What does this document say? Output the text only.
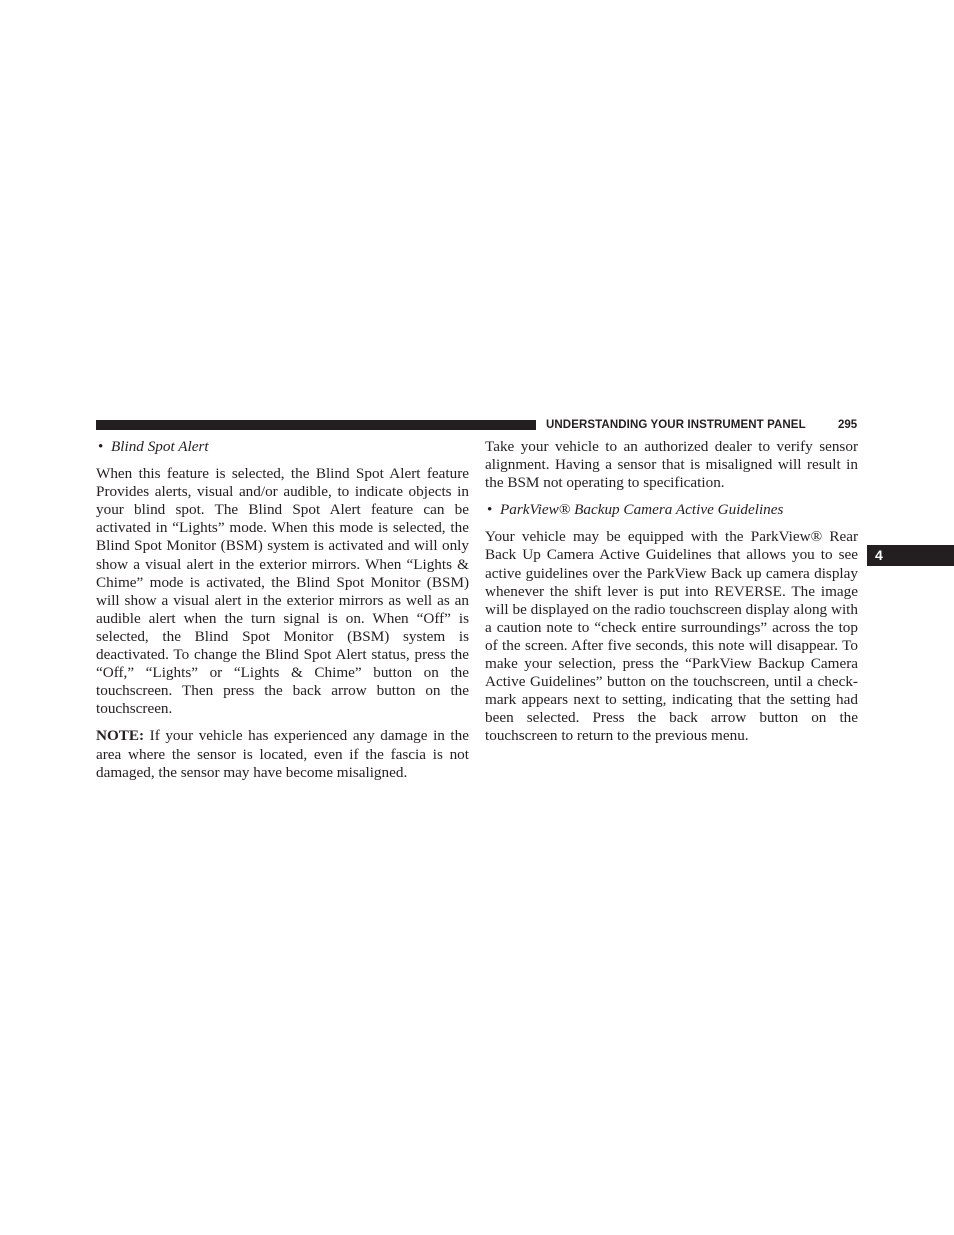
UNDERSTANDING YOUR INSTRUMENT PANEL	295
4

• Blind Spot Alert

When this feature is selected, the Blind Spot Alert feature Provides alerts, visual and/or audible, to indicate objects in your blind spot. The Blind Spot Alert feature can be activated in “Lights” mode. When this mode is selected, the Blind Spot Monitor (BSM) system is activated and will only show a visual alert in the exterior mirrors. When “Lights & Chime” mode is activated, the Blind Spot Monitor (BSM) will show a visual alert in the exterior mirrors as well as an audible alert when the turn signal is on. When “Off” is selected, the Blind Spot Monitor (BSM) system is deactivated. To change the Blind Spot Alert status, press the “Off,” “Lights” or “Lights & Chime” button on the touchscreen. Then press the back arrow button on the touchscreen.

NOTE: If your vehicle has experienced any damage in the area where the sensor is located, even if the fascia is not damaged, the sensor may have become misaligned.

Take your vehicle to an authorized dealer to verify sensor alignment. Having a sensor that is misaligned will result in the BSM not operating to specification.

• ParkView® Backup Camera Active Guidelines

Your vehicle may be equipped with the ParkView® Rear Back Up Camera Active Guidelines that allows you to see active guidelines over the ParkView Back up camera display whenever the shift lever is put into REVERSE. The image will be displayed on the radio touchscreen display along with a caution note to “check entire surroundings” across the top of the screen. After five seconds, this note will disappear. To make your selection, press the “ParkView Backup Camera Active Guidelines” button on the touchscreen, until a check-mark appears next to setting, indicating that the setting had been selected. Press the back arrow button on the touchscreen to return to the previous menu.
